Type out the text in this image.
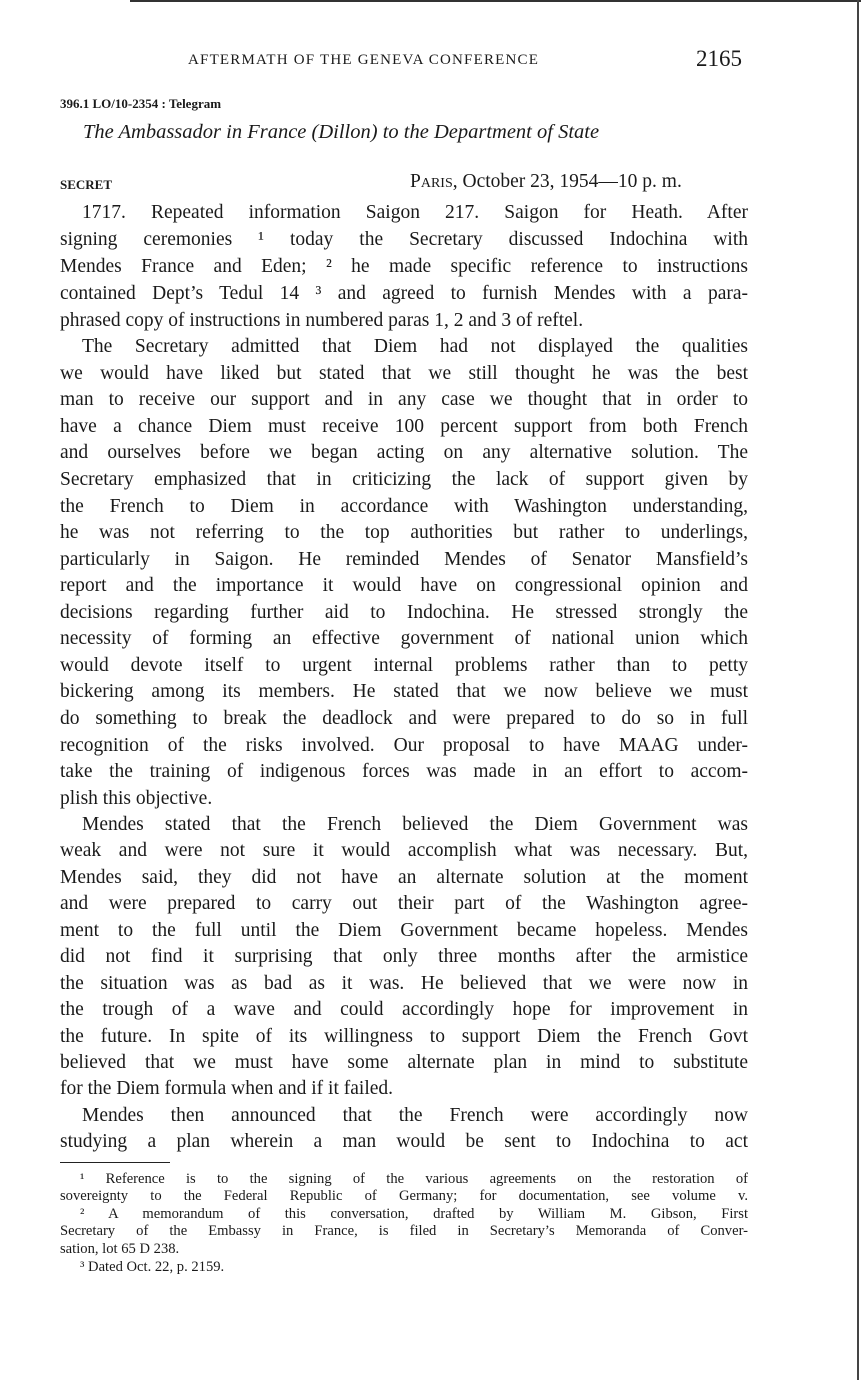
AFTERMATH OF THE GENEVA CONFERENCE	2165
396.1 LO/10-2354 : Telegram
The Ambassador in France (Dillon) to the Department of State
SECRET	Paris, October 23, 1954—10 p. m.
1717. Repeated information Saigon 217. Saigon for Heath. After
signing ceremonies ¹ today the Secretary discussed Indochina with
Mendes France and Eden; ² he made specific reference to instructions
contained Dept’s Tedul 14 ³ and agreed to furnish Mendes with a para-
phrased copy of instructions in numbered paras 1, 2 and 3 of reftel.
The Secretary admitted that Diem had not displayed the qualities
we would have liked but stated that we still thought he was the best
man to receive our support and in any case we thought that in order to
have a chance Diem must receive 100 percent support from both French
and ourselves before we began acting on any alternative solution. The
Secretary emphasized that in criticizing the lack of support given by
the French to Diem in accordance with Washington understanding,
he was not referring to the top authorities but rather to underlings,
particularly in Saigon. He reminded Mendes of Senator Mansfield’s
report and the importance it would have on congressional opinion and
decisions regarding further aid to Indochina. He stressed strongly the
necessity of forming an effective government of national union which
would devote itself to urgent internal problems rather than to petty
bickering among its members. He stated that we now believe we must
do something to break the deadlock and were prepared to do so in full
recognition of the risks involved. Our proposal to have MAAG under-
take the training of indigenous forces was made in an effort to accom-
plish this objective.
Mendes stated that the French believed the Diem Government was
weak and were not sure it would accomplish what was necessary. But,
Mendes said, they did not have an alternate solution at the moment
and were prepared to carry out their part of the Washington agree-
ment to the full until the Diem Government became hopeless. Mendes
did not find it surprising that only three months after the armistice
the situation was as bad as it was. He believed that we were now in
the trough of a wave and could accordingly hope for improvement in
the future. In spite of its willingness to support Diem the French Govt
believed that we must have some alternate plan in mind to substitute
for the Diem formula when and if it failed.
Mendes then announced that the French were accordingly now
studying a plan wherein a man would be sent to Indochina to act
¹ Reference is to the signing of the various agreements on the restoration of
sovereignty to the Federal Republic of Germany; for documentation, see volume v.
² A memorandum of this conversation, drafted by William M. Gibson, First
Secretary of the Embassy in France, is filed in Secretary’s Memoranda of Conver-
sation, lot 65 D 238.
³ Dated Oct. 22, p. 2159.
